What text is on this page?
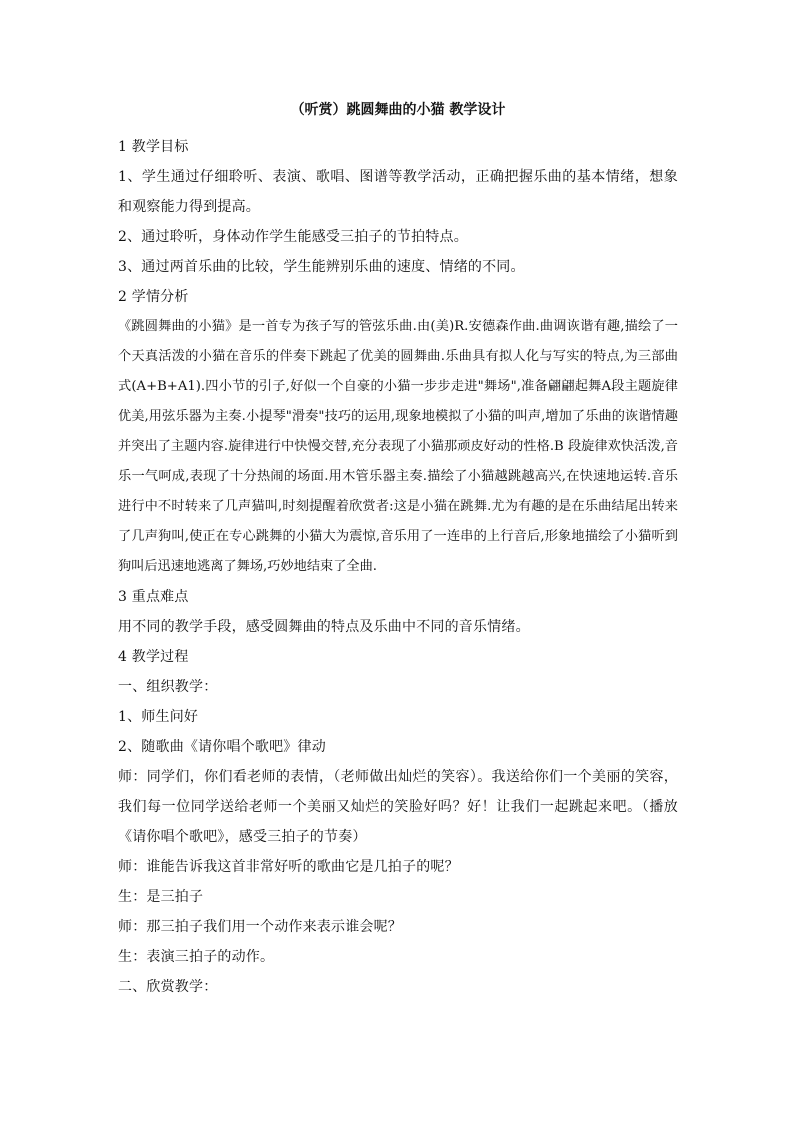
（听赏）跳圆舞曲的小猫 教学设计

1 教学目标

1、学生通过仔细聆听、表演、歌唱、图谱等教学活动，正确把握乐曲的基本情绪，想象和观察能力得到提高。

2、通过聆听，身体动作学生能感受三拍子的节拍特点。

3、通过两首乐曲的比较，学生能辨别乐曲的速度、情绪的不同。

2 学情分析

《跳圆舞曲的小猫》是一首专为孩子写的管弦乐曲.由(美)R.安德森作曲.曲调诙谐有趣,描绘了一个天真活泼的小猫在音乐的伴奏下跳起了优美的圆舞曲.乐曲具有拟人化与写实的特点,为三部曲式(A+B+A1).四小节的引子,好似一个自豪的小猫一步步走进"舞场",准备翩翩起舞A段主题旋律优美,用弦乐器为主奏.小提琴"滑奏"技巧的运用,现象地模拟了小猫的叫声,增加了乐曲的诙谐情趣并突出了主题内容.旋律进行中快慢交替,充分表现了小猫那顽皮好动的性格.B 段旋律欢快活泼,音乐一气呵成,表现了十分热闹的场面.用木管乐器主奏.描绘了小猫越跳越高兴,在快速地运转.音乐进行中不时转来了几声猫叫,时刻提醒着欣赏者:这是小猫在跳舞.尤为有趣的是在乐曲结尾出转来了几声狗叫,使正在专心跳舞的小猫大为震惊,音乐用了一连串的上行音后,形象地描绘了小猫听到狗叫后迅速地逃离了舞场,巧妙地结束了全曲.

3 重点难点

用不同的教学手段，感受圆舞曲的特点及乐曲中不同的音乐情绪。

4 教学过程

一、组织教学：

1、师生问好

2、随歌曲《请你唱个歌吧》律动

师：同学们，你们看老师的表情，（老师做出灿烂的笑容）。我送给你们一个美丽的笑容，我们每一位同学送给老师一个美丽又灿烂的笑脸好吗？好！让我们一起跳起来吧。（播放《请你唱个歌吧》，感受三拍子的节奏）

师：谁能告诉我这首非常好听的歌曲它是几拍子的呢？

生：是三拍子

师：那三拍子我们用一个动作来表示谁会呢？

生：表演三拍子的动作。

二、欣赏教学：
